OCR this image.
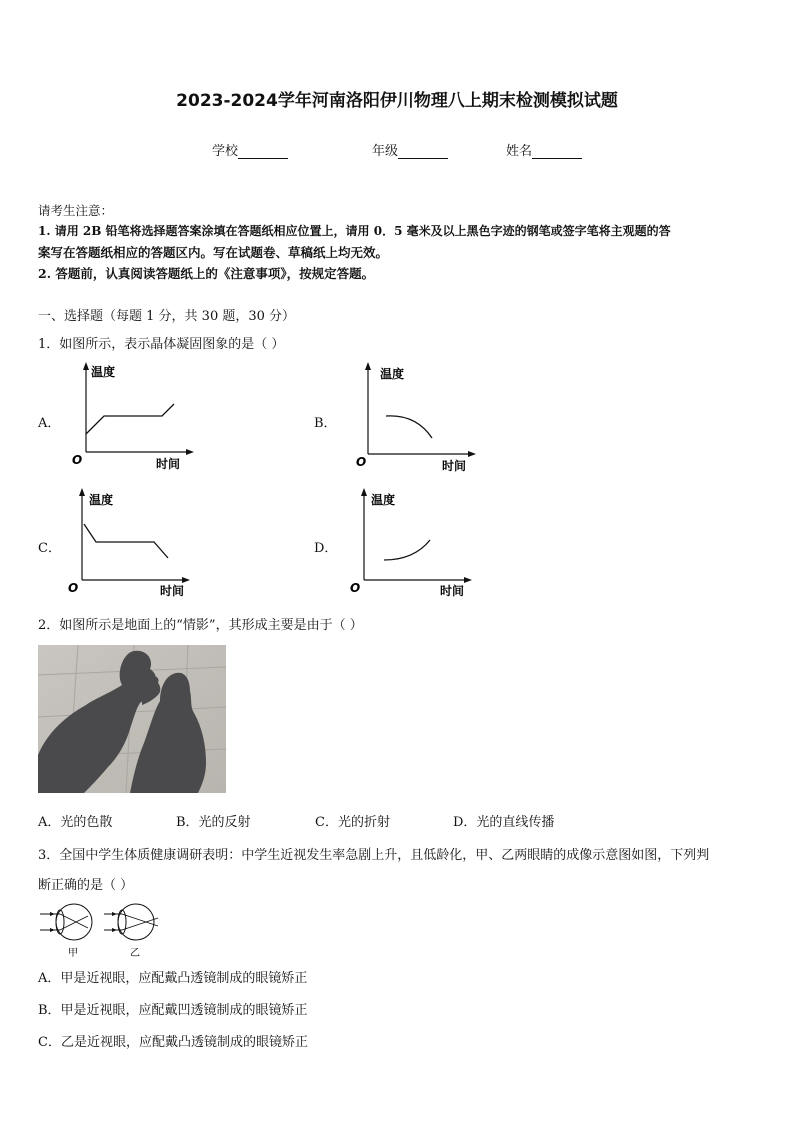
2023-2024学年河南洛阳伊川物理八上期末检测模拟试题
学校	年级	姓名
请考生注意：
1. 请用 2B 铅笔将选择题答案涂填在答题纸相应位置上，请用 0．5 毫米及以上黑色字迹的钢笔或签字笔将主观题的答
案写在答题纸相应的答题区内。写在试题卷、草稿纸上均无效。
2. 答题前，认真阅读答题纸上的《注意事项》，按规定答题。
一、选择题（每题 1 分，共 30 题，30 分）
1．如图所示，表示晶体凝固图象的是（ ）
A．	B．
C．	D．
温度
时间
O
温度
时间
O
温度
时间
O
温度
时间
O
2．如图所示是地面上的“情影”，其形成主要是由于（ ）
A．光的色散	B．光的反射	C．光的折射	D．光的直线传播
3．全国中学生体质健康调研表明：中学生近视发生率急剧上升，且低龄化，甲、乙两眼睛的成像示意图如图，下列判
断正确的是（ ）
甲	乙
A．甲是近视眼，应配戴凸透镜制成的眼镜矫正
B．甲是近视眼，应配戴凹透镜制成的眼镜矫正
C．乙是近视眼，应配戴凸透镜制成的眼镜矫正
